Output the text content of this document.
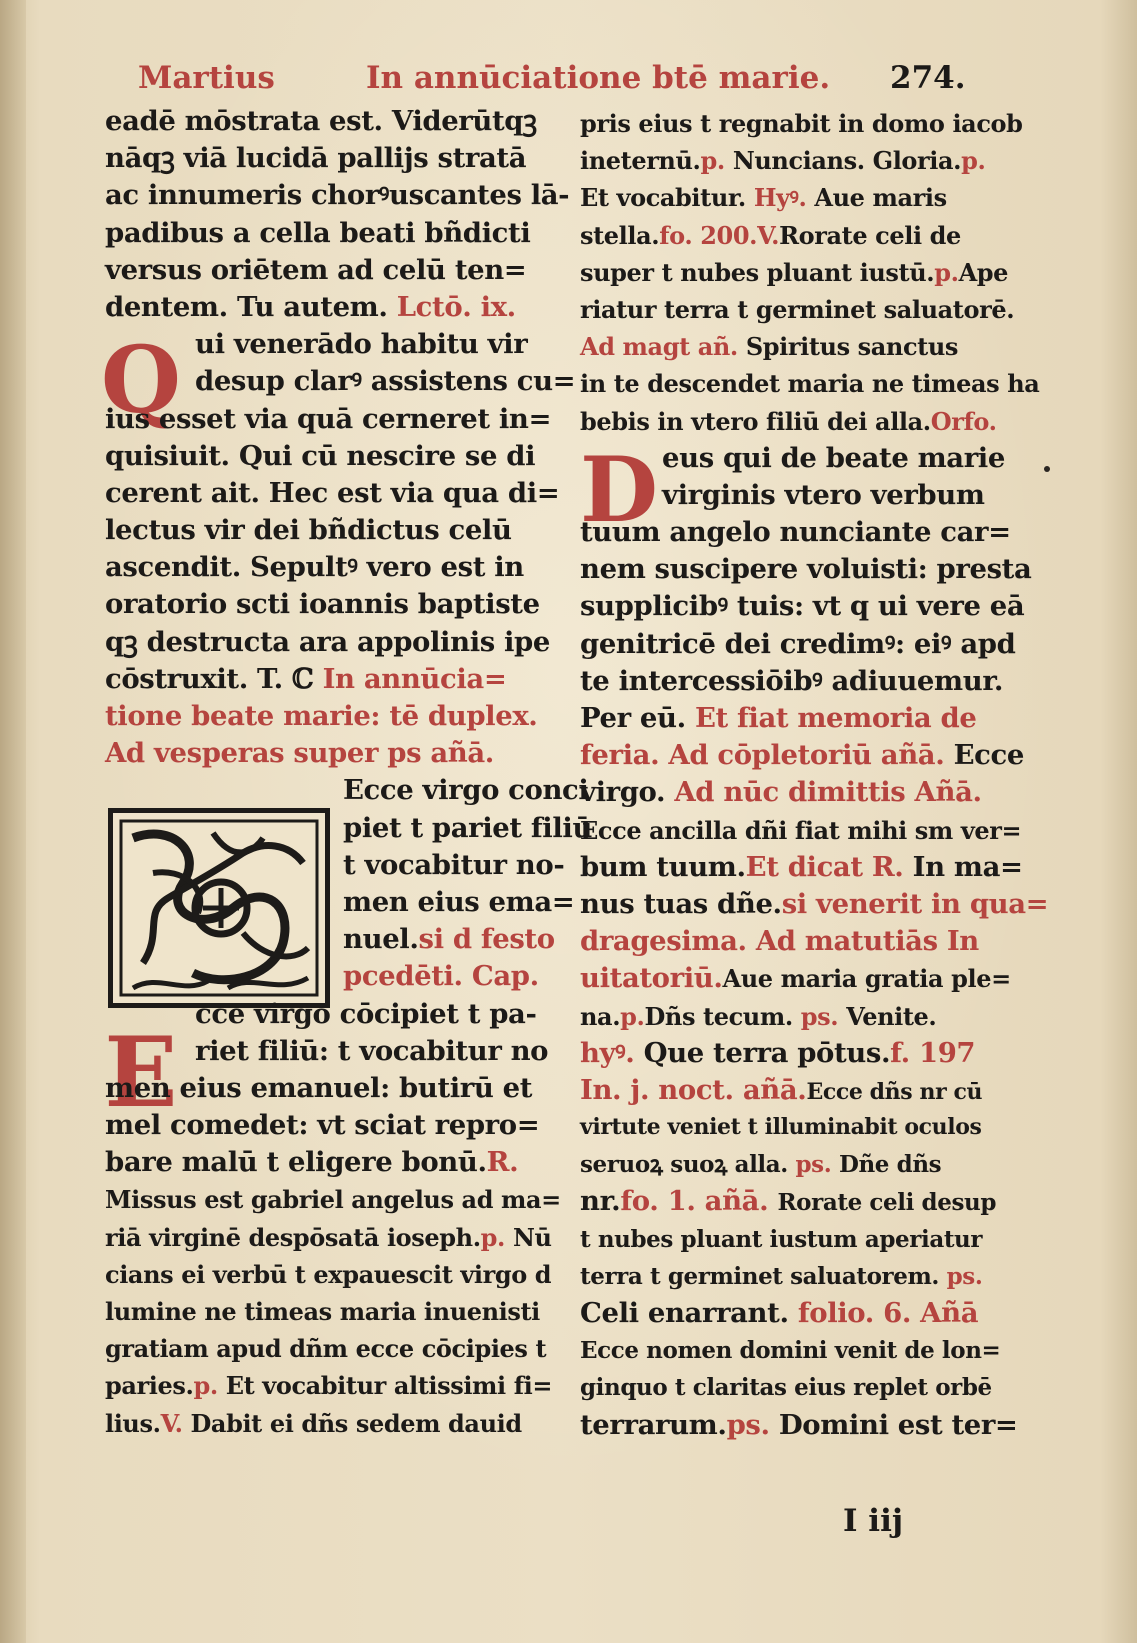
Martius	In annūciatione btē marie. 274.
Q
D
E
eadē mōstrata est. Viderūtqꝫ
nāqꝫ viā lucidā pallijs stratā
ac innumeris chorꝰuscantes lā-
padibus a cella beati bñdicti
versus oriētem ad celū ten=
dentem. Tu autem. Lctō. ix.
ui venerādo habitu vir
desup clarꝰ assistens cu=
ius esset via quā cerneret in=
quisiuit. Qui cū nescire se di
cerent ait. Hec est via qua di=
lectus vir dei bñdictus celū
ascendit. Sepultꝰ vero est in
oratorio scti ioannis baptiste
qꝫ destructa ara appolinis ipe
cōstruxit. T. ℂ In annūcia=
tione beate marie: tē duplex.
Ad vesperas super ps añā.
Ecce virgo conci
piet t pariet filiū
t vocabitur no-
men eius ema=
nuel.si d festo
pcedēti. Cap.
cce virgo cōcipiet t pa-
riet filiū: t vocabitur no
men eius emanuel: butirū et
mel comedet: vt sciat repro=
bare malū t eligere bonū.R.
Missus est gabriel angelus ad ma=
riā virginē despōsatā ioseph.p. Nū
cians ei verbū t expauescit virgo d
lumine ne timeas maria inuenisti
gratiam apud dñm ecce cōcipies t
paries.p. Et vocabitur altissimi fi=
lius.V. Dabit ei dñs sedem dauid
pris eius t regnabit in domo iacob
ineternū.p. Nuncians. Gloria.p.
Et vocabitur. Hyꝰ. Aue maris
stella.fo. 200.V.Rorate celi de
super t nubes pluant iustū.p.Ape
riatur terra t germinet saluatorē.
Ad magt añ. Spiritus sanctus
in te descendet maria ne timeas ha
bebis in vtero filiū dei alla.Orfo.
eus qui de beate marie
virginis vtero verbum
tuum angelo nunciante car=
nem suscipere voluisti: presta
supplicibꝰ tuis: vt q ui vere eā
genitricē dei credimꝰ: eiꝰ apd
te intercessiōibꝰ adiuuemur.
Per eū. Et fiat memoria de
feria. Ad cōpletoriū añā. Ecce
virgo. Ad nūc dimittis Añā.
Ecce ancilla dñi fiat mihi sm ver=
bum tuum.Et dicat R. In ma=
nus tuas dñe.si venerit in qua=
dragesima. Ad matutiās In
uitatoriū.Aue maria gratia ple=
na.p.Dñs tecum. ps. Venite.
hyꝰ. Que terra pōtus.f. 197
In. j. noct. añā.Ecce dñs nr cū
virtute veniet t illuminabit oculos
seruoꝝ suoꝝ alla. ps. Dñe dñs
nr.fo. 1. añā. Rorate celi desup
t nubes pluant iustum aperiatur
terra t germinet saluatorem. ps.
Celi enarrant. folio. 6. Añā
Ecce nomen domini venit de lon=
ginquo t claritas eius replet orbē
terrarum.ps. Domini est ter=
I iij
